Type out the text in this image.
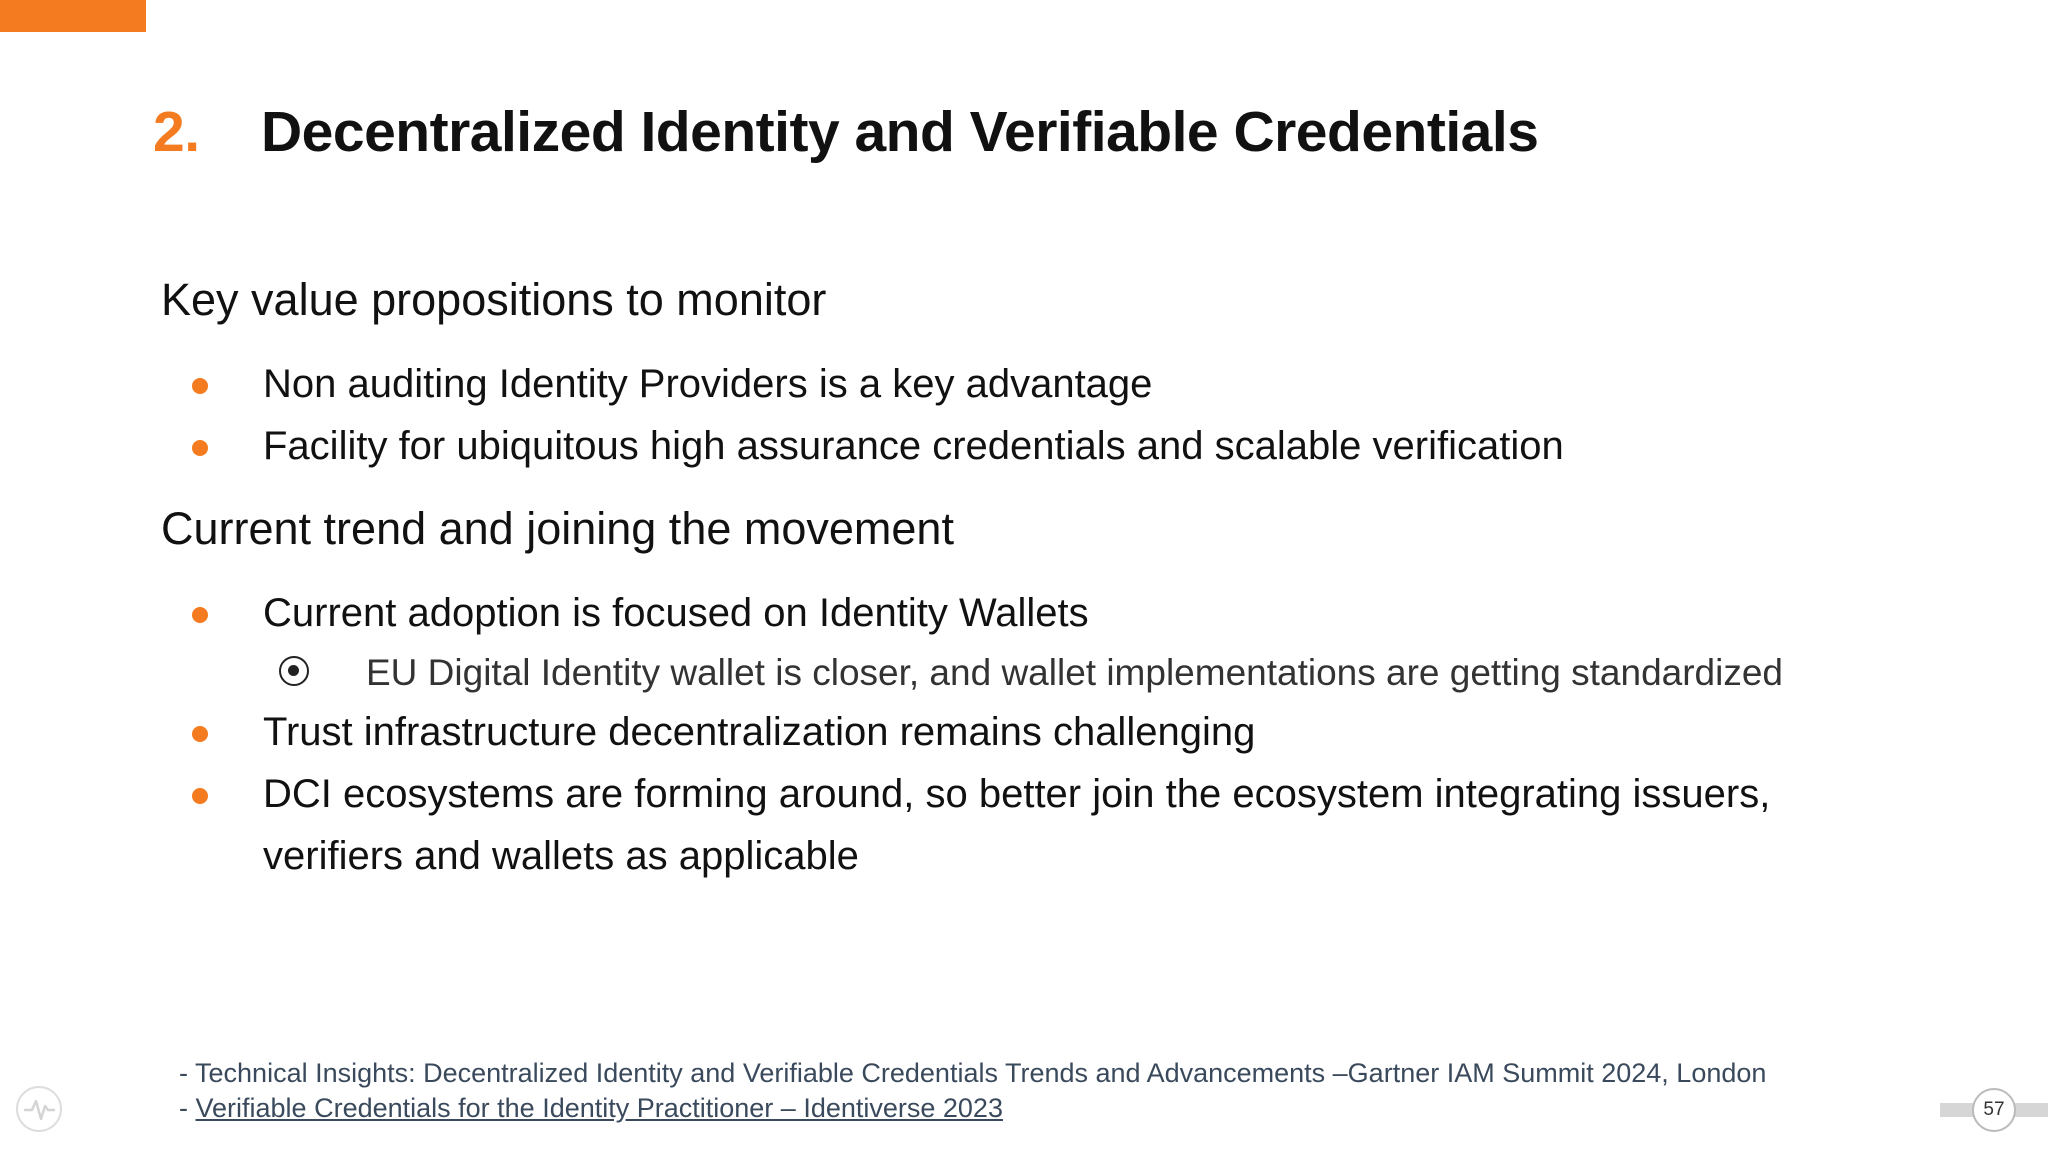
2. Decentralized Identity and Verifiable Credentials
Key value propositions to monitor
Non auditing Identity Providers is a key advantage
Facility for ubiquitous high assurance credentials and scalable verification
Current trend and joining the movement
Current adoption is focused on Identity Wallets
EU Digital Identity wallet is closer, and wallet implementations are getting standardized
Trust infrastructure decentralization remains challenging
DCI ecosystems are forming around, so better join the ecosystem integrating issuers,
verifiers and wallets as applicable
- Technical Insights: Decentralized Identity and Verifiable Credentials Trends and Advancements –Gartner IAM Summit 2024, London
- Verifiable Credentials for the Identity Practitioner – Identiverse 2023	57
